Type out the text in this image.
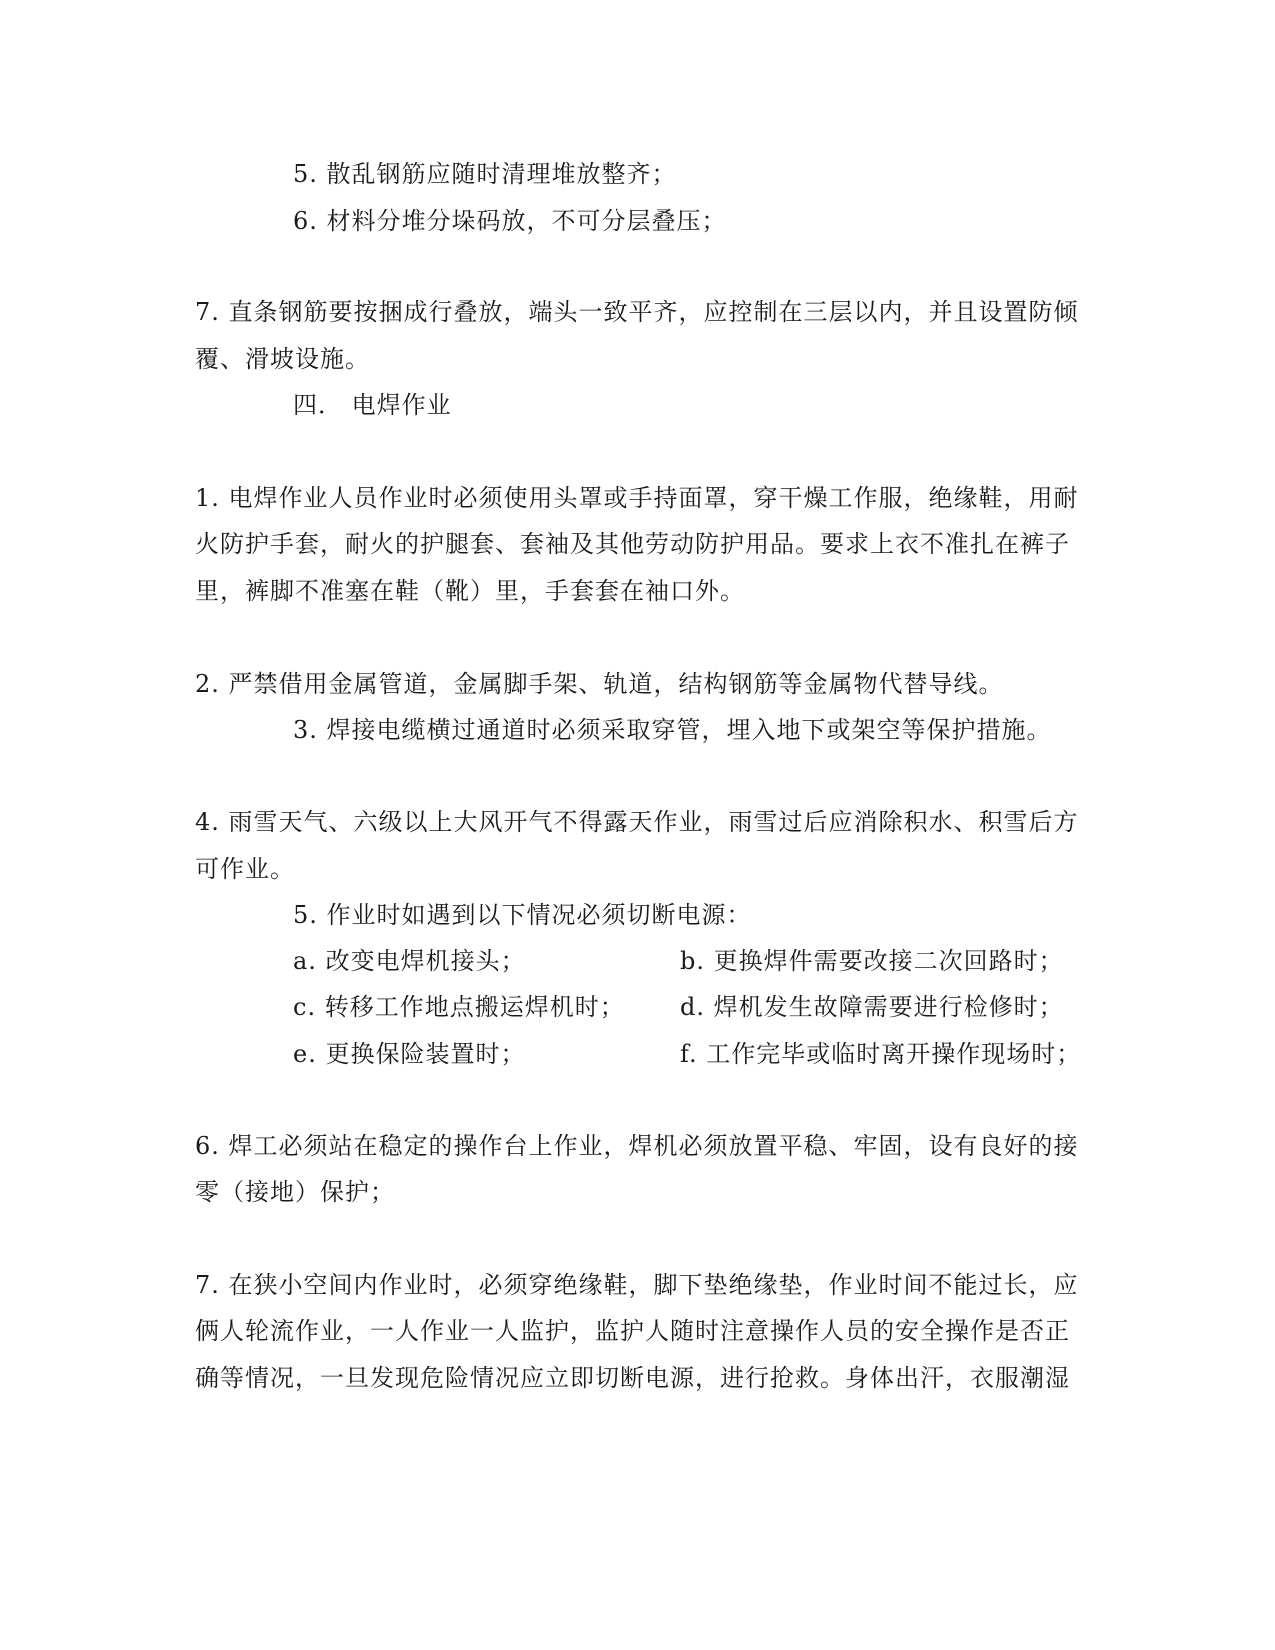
5. 散乱钢筋应随时清理堆放整齐；
6. 材料分堆分垛码放，不可分层叠压；
7. 直条钢筋要按捆成行叠放，端头一致平齐，应控制在三层以内，并且设置防倾
覆、滑坡设施。
四． 电焊作业
1. 电焊作业人员作业时必须使用头罩或手持面罩，穿干燥工作服，绝缘鞋，用耐
火防护手套，耐火的护腿套、套袖及其他劳动防护用品。要求上衣不准扎在裤子
里，裤脚不准塞在鞋（靴）里，手套套在袖口外。
2. 严禁借用金属管道，金属脚手架、轨道，结构钢筋等金属物代替导线。
3. 焊接电缆横过通道时必须采取穿管，埋入地下或架空等保护措施。
4. 雨雪天气、六级以上大风开气不得露天作业，雨雪过后应消除积水、积雪后方
可作业。
5. 作业时如遇到以下情况必须切断电源：
a. 改变电焊机接头；	b. 更换焊件需要改接二次回路时；
c. 转移工作地点搬运焊机时； d. 焊机发生故障需要进行检修时；
e. 更换保险装置时；	f. 工作完毕或临时离开操作现场时；
6. 焊工必须站在稳定的操作台上作业，焊机必须放置平稳、牢固，设有良好的接
零（接地）保护；
7. 在狭小空间内作业时，必须穿绝缘鞋，脚下垫绝缘垫，作业时间不能过长，应
俩人轮流作业，一人作业一人监护，监护人随时注意操作人员的安全操作是否正
确等情况，一旦发现危险情况应立即切断电源，进行抢救。身体出汗，衣服潮湿
